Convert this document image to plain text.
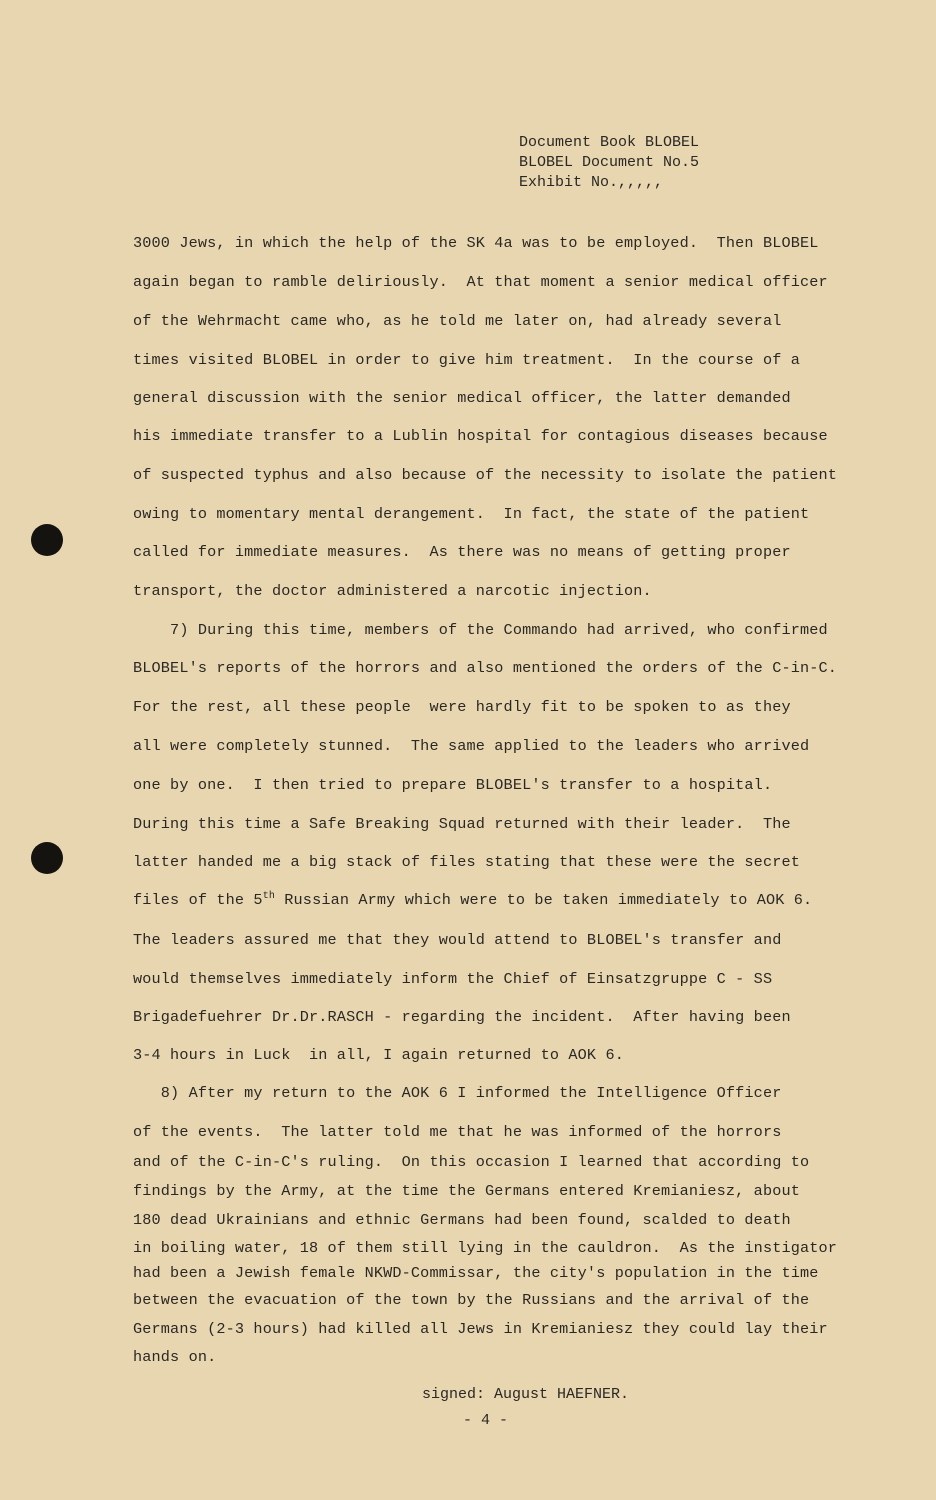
Document Book BLOBEL
BLOBEL Document No.5
Exhibit No.,,,,,
3000 Jews, in which the help of the SK 4a was to be employed.  Then BLOBEL
again began to ramble deliriously.  At that moment a senior medical officer
of the Wehrmacht came who, as he told me later on, had already several
times visited BLOBEL in order to give him treatment.  In the course of a
general discussion with the senior medical officer, the latter demanded
his immediate transfer to a Lublin hospital for contagious diseases because
of suspected typhus and also because of the necessity to isolate the patient
owing to momentary mental derangement.  In fact, the state of the patient
called for immediate measures.  As there was no means of getting proper
transport, the doctor administered a narcotic injection.
7) During this time, members of the Commando had arrived, who confirmed
BLOBEL's reports of the horrors and also mentioned the orders of the C-in-C.
For the rest, all these people  were hardly fit to be spoken to as they
all were completely stunned.  The same applied to the leaders who arrived
one by one.  I then tried to prepare BLOBEL's transfer to a hospital.
During this time a Safe Breaking Squad returned with their leader.  The
latter handed me a big stack of files stating that these were the secret
files of the 5th Russian Army which were to be taken immediately to AOK 6.
The leaders assured me that they would attend to BLOBEL's transfer and
would themselves immediately inform the Chief of Einsatzgruppe C - SS
Brigadefuehrer Dr.Dr.RASCH - regarding the incident.  After having been
3-4 hours in Luck  in all, I again returned to AOK 6.
8) After my return to the AOK 6 I informed the Intelligence Officer
of the events.  The latter told me that he was informed of the horrors
and of the C-in-C's ruling.  On this occasion I learned that according to
findings by the Army, at the time the Germans entered Kremianiesz, about
180 dead Ukrainians and ethnic Germans had been found, scalded to death
in boiling water, 18 of them still lying in the cauldron.  As the instigator
had been a Jewish female NKWD-Commissar, the city's population in the time
between the evacuation of the town by the Russians and the arrival of the
Germans (2-3 hours) had killed all Jews in Kremianiesz they could lay their
hands on.
signed: August HAEFNER.
- 4 -
